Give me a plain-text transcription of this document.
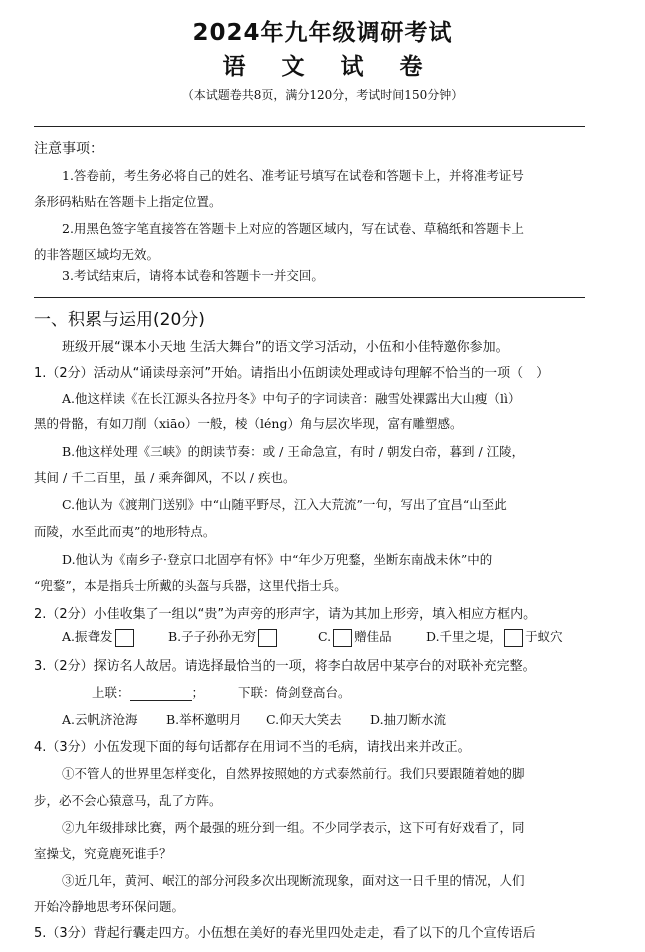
2024年九年级调研考试
语 文 试 卷
（本试题卷共8页，满分120分，考试时间150分钟）
注意事项：
1.答卷前，考生务必将自己的姓名、准考证号填写在试卷和答题卡上，并将准考证号
条形码粘贴在答题卡上指定位置。
2.用黑色签字笔直接答在答题卡上对应的答题区域内，写在试卷、草稿纸和答题卡上
的非答题区域均无效。
3.考试结束后，请将本试卷和答题卡一并交回。
一、积累与运用(20分)
班级开展“课本小天地 生活大舞台”的语文学习活动，小伍和小佳特邀你参加。
1.（2分）活动从“诵读母亲河”开始。请指出小伍朗读处理或诗句理解不恰当的一项（　）
A.他这样读《在长江源头各拉丹冬》中句子的字词读音：融雪处裸露出大山瘦（lì）
黑的骨骼，有如刀削（xiāo）一般，棱（léng）角与层次毕现，富有雕塑感。
B.他这样处理《三峡》的朗读节奏：或 / 王命急宣，有时 / 朝发白帝，暮到 / 江陵，
其间 / 千二百里，虽 / 乘奔御风，不以 / 疾也。
C.他认为《渡荆门送别》中“山随平野尽，江入大荒流”一句，写出了宜昌“山至此
而陵，水至此而夷”的地形特点。
D.他认为《南乡子·登京口北固亭有怀》中“年少万兜鍪，坐断东南战未休”中的
“兜鍪”，本是指兵士所戴的头盔与兵器，这里代指士兵。
2.（2分）小佳收集了一组以“贵”为声旁的形声字，请为其加上形旁，填入相应方框内。
A.振聋发	B.子子孙孙无穷	C. 赠佳品	D.千里之堤， 于蚁穴
3.（2分）探访名人故居。请选择最恰当的一项，将李白故居中某亭台的对联补充完整。
上联：	；	下联：倚剑登高台。
A.云帆济沧海 B.举杯邀明月 C.仰天大笑去 D.抽刀断水流
4.（3分）小伍发现下面的每句话都存在用词不当的毛病，请找出来并改正。
①不管人的世界里怎样变化，自然界按照她的方式泰然前行。我们只要跟随着她的脚
步，必不会心猿意马，乱了方阵。
②九年级排球比赛，两个最强的班分到一组。不少同学表示，这下可有好戏看了，同
室操戈，究竟鹿死谁手？
③近几年，黄河、岷江的部分河段多次出现断流现象，面对这一日千里的情况，人们
开始冷静地思考环保问题。
5.（3分）背起行囊走四方。小伍想在美好的春光里四处走走，看了以下的几个宣传语后
